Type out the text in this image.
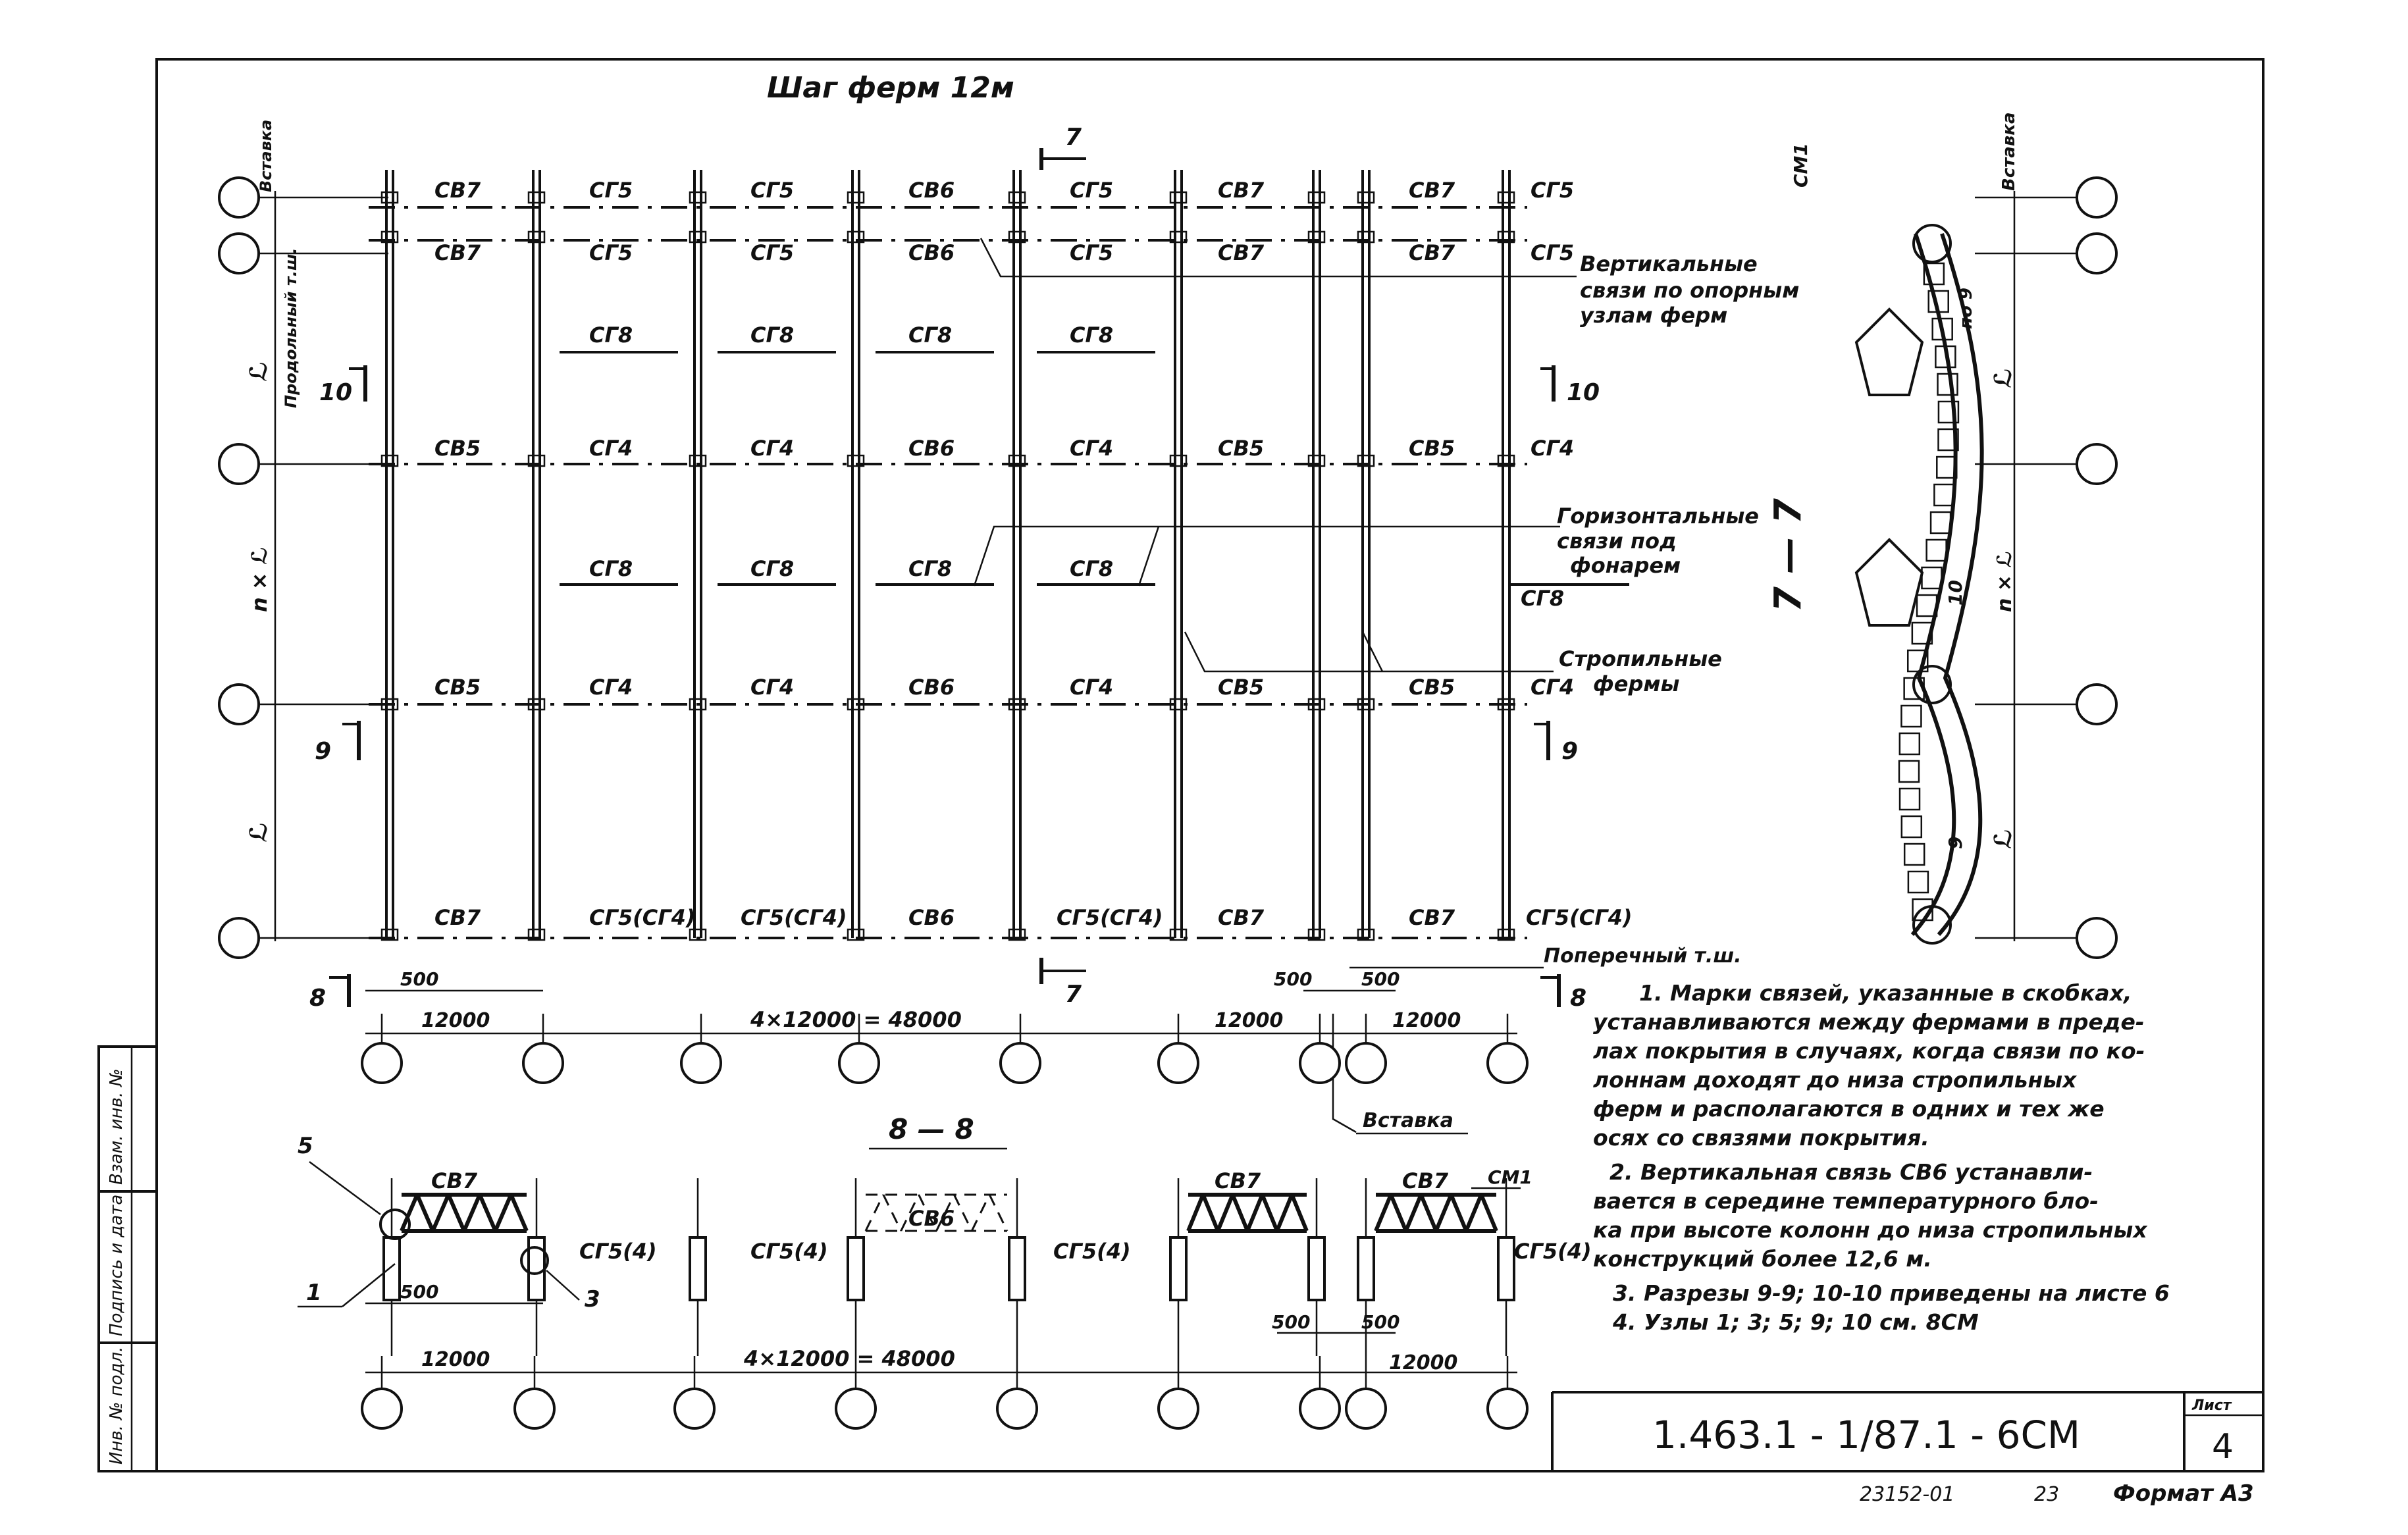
Инв. № подл.
Подпись и дата
Взам. инв. №
Шаг ферм 12м
СВ7	СГ5	СГ5	СВ6	СГ5	СВ7	СВ7	СГ5
СВ7	СГ5	СГ5	СВ6	СГ5	СВ7	СВ7	СГ5
СГ8	СГ8	СГ8	СГ8
СВ5	СГ4	СГ4	СВ6	СГ4	СВ5	СВ5	СГ4
СГ8	СГ8	СГ8	СГ8
СГ8
СВ5	СГ4	СГ4	СВ6	СГ4	СВ5	СВ5	СГ4
СВ7	СГ5(СГ4) СГ5(СГ4)	СВ6	СГ5(СГ4)	СВ7	СВ7	СГ5(СГ4)
Вставка
Продольный т.ш.
ℒ
n × ℒ
ℒ
7
7
10	10
9	9
8	8
Вертикальные
связи по опорным
узлам ферм
Горизонтальные
связи под
фонарем
Стропильные
фермы
Поперечный т.ш.
Вставка
500
12000	4×12000 = 48000	12000
500	500
12000
7 — 7
СМ1	Вставка
по 9
ℒ
n × ℒ
ℒ
10
9
8 — 8
СВ7
СГ5(4)	СГ5(4)
СВ6
СГ5(4)
СВ7	СВ7
СГ5(4)
500
12000	4×12000 = 48000
500	500
12000
СМ1
5
1	3
1. Марки связей, указанные в скобках,
устанавливаются между фермами в преде-
лах покрытия в случаях, когда связи по ко-
лоннам доходят до низа стропильных
ферм и располагаются в одних и тех же
осях со связями покрытия.
2. Вертикальная связь СВ6 устанавли-
вается в середине температурного бло-
ка при высоте колонн до низа стропильных
конструкций более 12,6 м.
3. Разрезы 9-9; 10-10 приведены на листе 6
4. Узлы 1; 3; 5; 9; 10 см. 8СМ
1.463.1 - 1/87.1 - 6СМ
Лист
4
23152-01	23 Формат А3
